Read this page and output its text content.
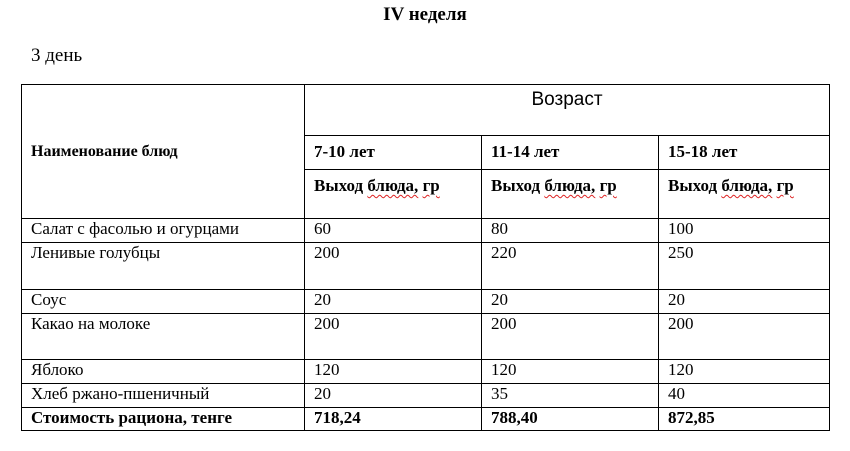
IV неделя
3 день
Наименование блюд	Возраст		
	7-10 лет	11-14 лет	15-18 лет
	Выход блюда, гр	Выход блюда, гр	Выход блюда, гр
Салат с фасолью и огурцами	60	80	100
Ленивые голубцы	200	220	250
Соус	20	20	20
Какао на молоке	200	200	200
Яблоко	120	120	120
Хлеб ржано-пшеничный	20	35	40
Стоимость рациона, тенге	718,24	788,40	872,85
